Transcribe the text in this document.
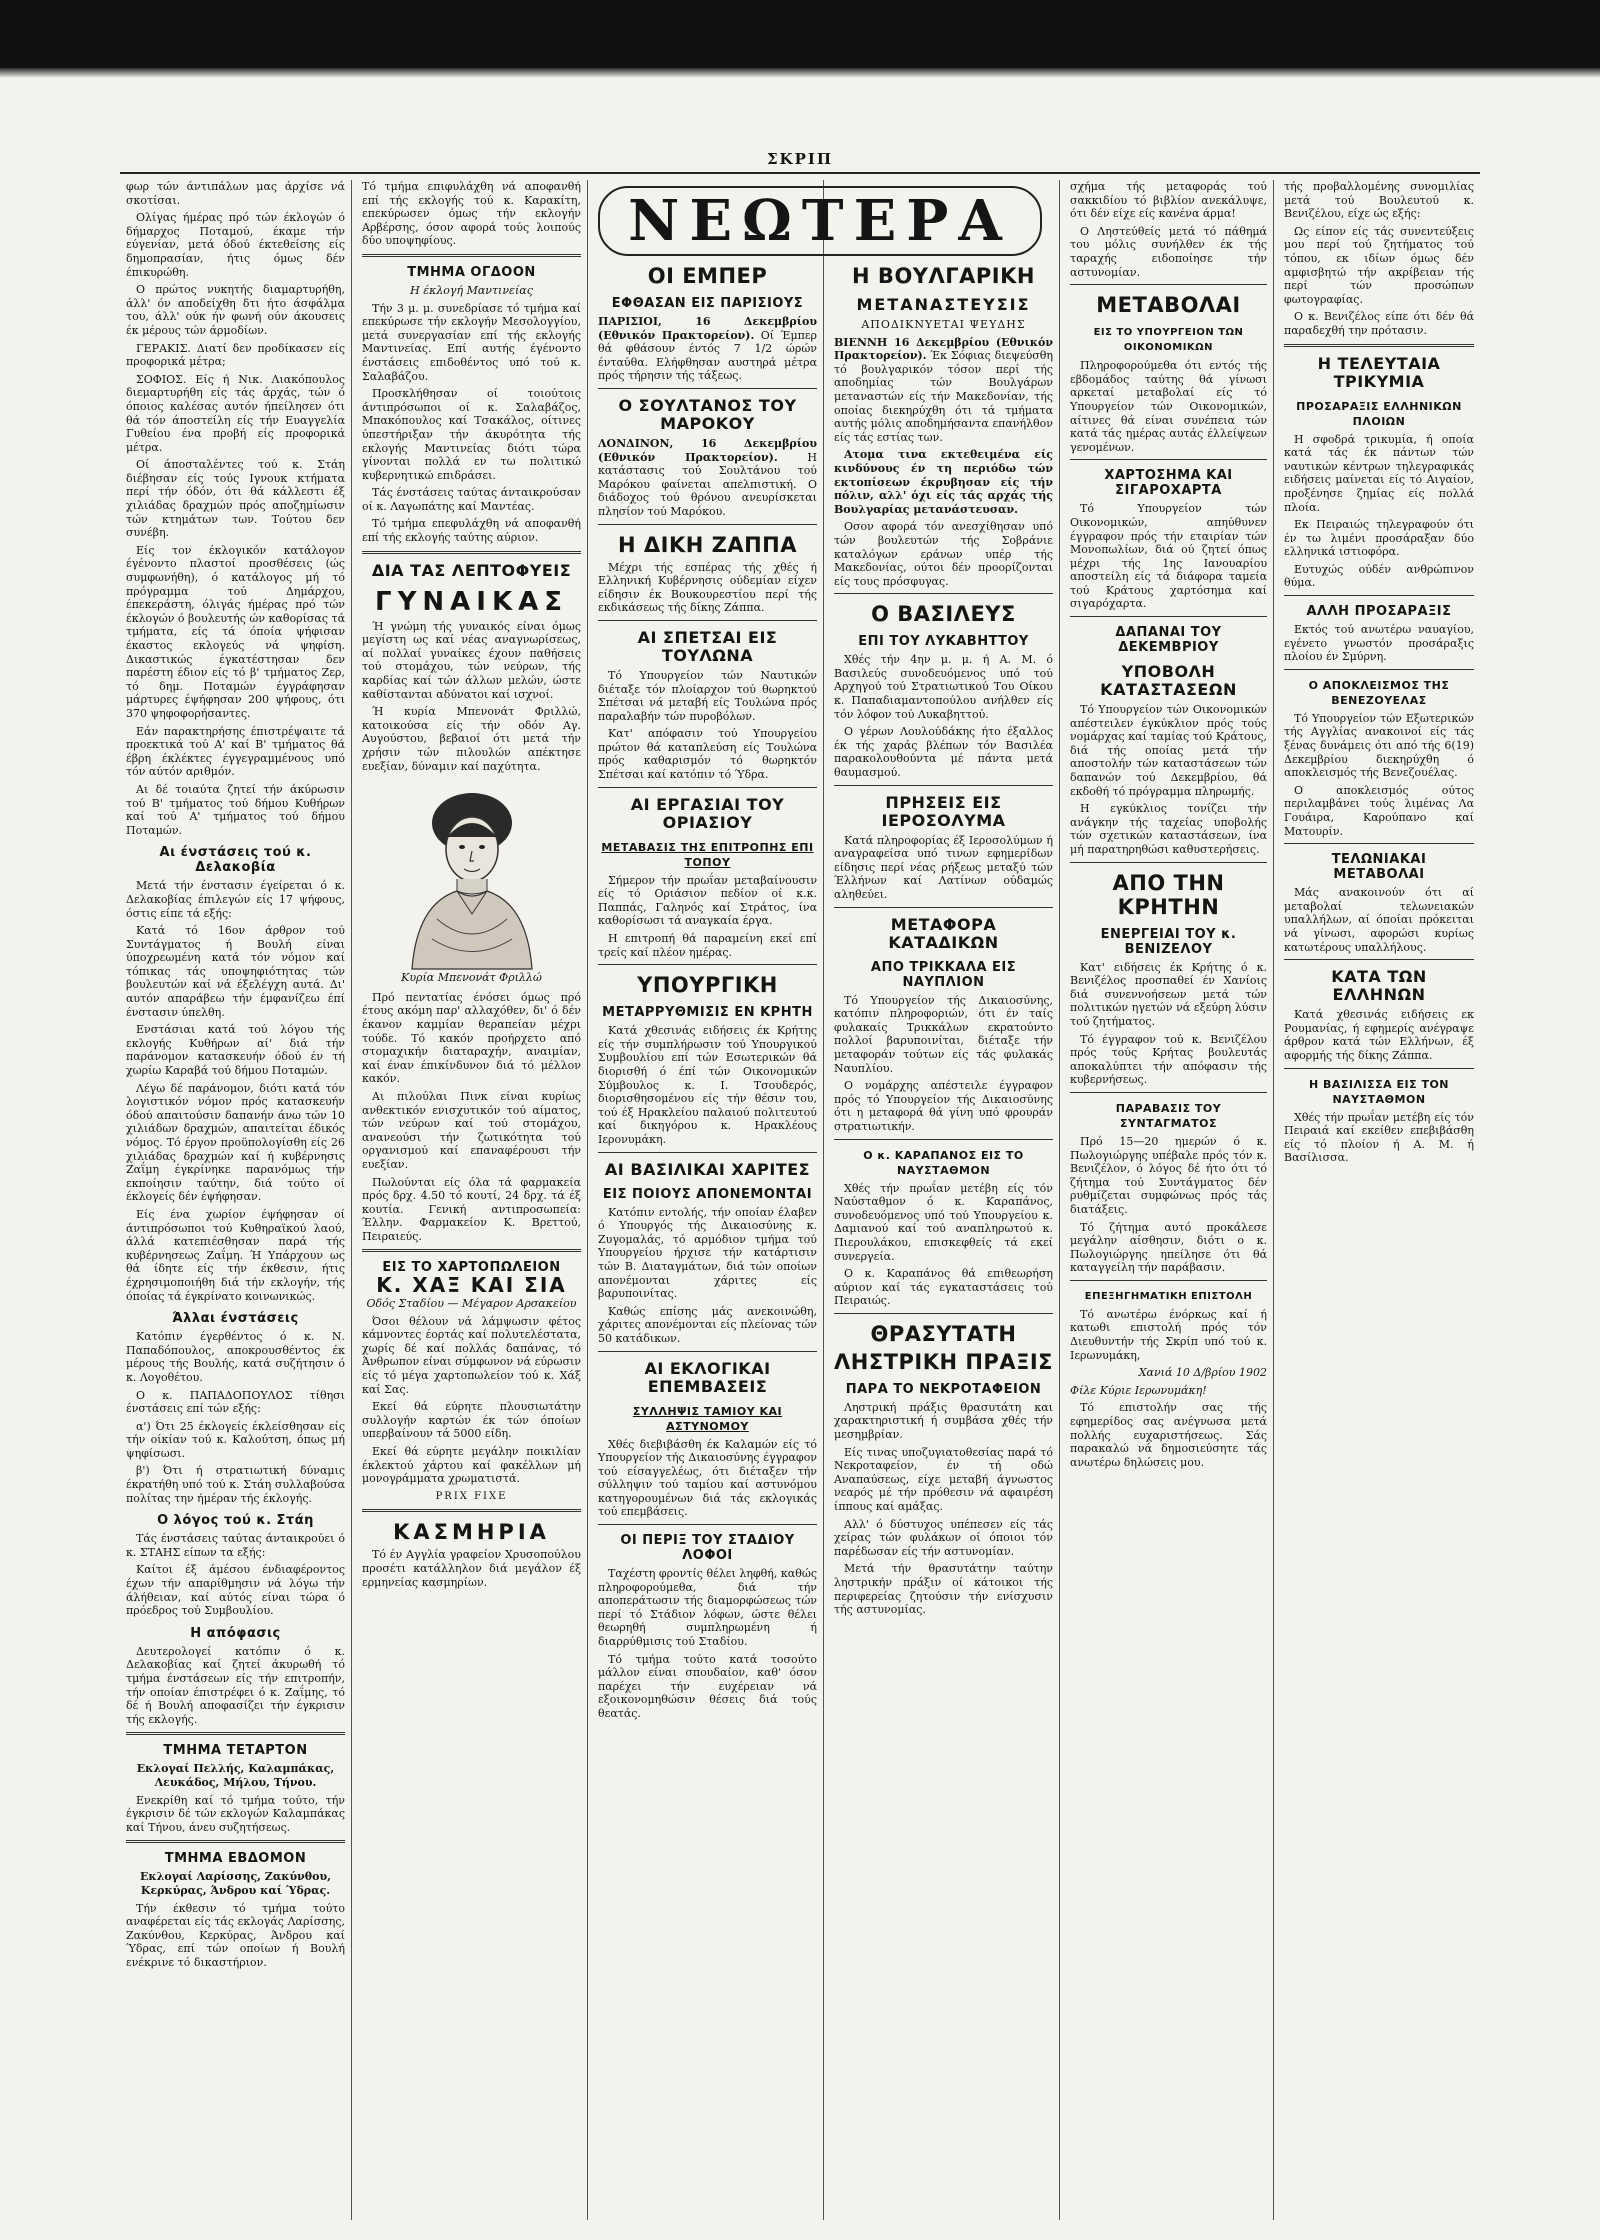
ΣΚΡΙΠ

φωρ τών άντιπάλων μας άρχίσε νά σκοτίσαι.

Ολίγας ήμέρας πρό τών έκλογών ό δήμαρχος Ποταμού, έκαμε τήν εύγενίαν, μετά όδού έκτεθείσης είς δημοπρασίαν, ήτις όμως δέν έπικυρώθη.

Ο πρώτος νυκητής διαμαρτυρήθη, άλλ' όν αποδείχθη δτι ήτο άσφάλμα του, άλλ' ούκ ήν φωνή ούν άκουσεις έκ μέρους τών άρμοδίων.

ΓΕΡΑΚΙΣ. Διατί δεν προδίκασεν είς προφορικά μέτρα;

ΣΟΦΙΟΣ. Είς ή Νικ. Λιακόπουλος διεμαρτυρήθη είς τάς άρχάς, τών ό όποιος καλέσας αυτόν ήπείλησεν ότι θά τόν άποστείλη είς τήν Ευαγγελία Γυθείου ένα προβή είς προφορικά μέτρα.

Οί άποσταλέντες τού κ. Στάη διέβησαν είς τούς Ιγνουκ κτήματα περί τήν όδόν, ότι θά κάλλεστι έξ χιλιάδας δραχμών πρός αποζημίωσιν τών κτημάτων των. Τούτου δεν συνέβη.

Είς τον έκλογικόν κατάλογον έγένοντο πλαστοί προσθέσεις (ώς συμφωνήθη), ό κατάλογος μή τό πρόγραμμα τού Δημάρχου, έπεκεράστη, όλιγάς ήμέρας πρό τών έκλογών ό βουλευτής ών καθορίσας τά τμήματα, είς τά όποία ψήφισαν έκαστος εκλογεύς νά ψηφίση. Δικαστικώς έγκατέστησαν δεν παρέστη έδιον είς τό β' τμήματος Ζερ, τό δημ. Ποταμών έγγράφησαν μάρτυρες έψήφησαν 200 ψήφους, ότι 370 ψηφοφορήσαντες.

Εάν παρακτηρήσης έπιστρέψαιτε τά προεκτικά τού Α' καί Β' τμήματος θά έβρη έκλέκτες έγγεγραμμένους υπό τόν αύτόν αριθμόν.

Αι δέ τοιαύτα ζητεί τήν άκύρωσιν τού Β' τμήματος τού δήμου Κυθήρων καί τού Α' τμήματος τού δήμου Ποταμών.

Αι ένστάσεις τού κ. Δελακοβία

Μετά τήν ένστασιν έγείρεται ό κ. Δελακοβίας έπιλεγών είς 17 ψήφους, όστις είπε τά εξής:

Κατά τό 16ον άρθρον τού Συντάγματος ή Βουλή είναι ύποχρεωμένη κατά τόν νόμον καί τόπικας τάς υποψηφιότητας τών βουλευτών καί νά έξελέγχη αυτά. Δι' αυτόν απαράβεω τήν έμφανίζεω έπί ένστασιν ύπελθη.

Ενστάσιαι κατά τού λόγου τής εκλογής Κυθήρων αί' διά τήν παράνομον κατασκευήν όδού έν τή χωρίω Καραβά τού δήμου Ποταμών.

Λέγω δέ παράνομον, διότι κατά τόν λογιστικόν νόμον πρός κατασκευήν όδού απαιτούσιν δαπανήν άνω τών 10 χιλιάδων δραχμών, απαιτείται έδικός νόμος. Τό έργον προϋπολογίσθη είς 26 χιλιάδας δραχμών καί ή κυβέρνησις Ζαΐμη έγκρίνηκε παρανόμως τήν εκποίησιν ταύτην, διά τούτο οί έκλογείς δέν έψήφησαν.

Είς ένα χωρίον έψήφησαν οί άντιπρόσωποι τού Κυθηραϊκού λαού, άλλά κατεπιέσθησαν παρά τής κυβέρνησεως Ζαΐμη. Ή Υπάρχουν ως θά ίδητε είς τήν έκθεσιν, ήτις έχρησιμοποιήθη διά τήν εκλογήν, τής όποίας τά έγκρίνατο κοινωνικώς.

Άλλαι ένστάσεις

Κατόπιν έγερθέντος ό κ. Ν. Παπαδόπουλος, αποκρουσθέντος έκ μέρους τής Βουλής, κατά συζήτησιν ό κ. Λογοθέτου.

Ο κ. ΠΑΠΑΔΟΠΟΥΛΟΣ τίθησι ένστάσεις επί τών εξής:

α') Ότι 25 έκλογείς έκλείσθησαν είς τήν οίκίαν τού κ. Καλούτση, όπως μή ψηφίσωσι.

β') Ότι ή στρατιωτική δύναμις έκρατήθη υπό τού κ. Στάη συλλαβούσα πολίτας την ήμέραν τής έκλογής.

Ο λόγος τού κ. Στάη

Τάς ένστάσεις ταύτας άνταικρούει ό κ. ΣΤΑΗΣ είπων τα εξής:

Καίτοι έξ άμέσου ένδιαφέροντος έχων τήν απαρίθμησιν νά λόγω τήν άλήθειαν, καί αύτός είναι τώρα ό πρόεδρος τού Συμβουλίου.

Η απόφασις

Δευτερολογεί κατόπιν ό κ. Δελακοβίας καί ζητεί άκυρωθή τό τμήμα ένστάσεων είς τήν επιτροπήν, τήν οποίαν έπιστρέφει ό κ. Ζαΐμης, τό δέ ή Βουλή αποφασίζει τήν έγκρισιν τής εκλογής.

ΤΜΗΜΑ ΤΕΤΑΡΤΟΝ

Εκλογαί Πελλής, Καλαμπάκας, Λευκάδος, Μήλου, Τήνου.

Ενεκρίθη καί τό τμήμα τούτο, τήν έγκρισιν δέ τών εκλογών Καλαμπάκας καί Τήνου, άνευ συζητήσεως.

ΤΜΗΜΑ ΕΒΔΟΜΟΝ

Εκλογαί Λαρίσσης, Ζακύνθου, Κερκύρας, Άνδρου καί Ύδρας.

Τήν έκθεσιν τό τμήμα τούτο αναφέρεται είς τάς εκλογάς Λαρίσσης, Ζακύνθου, Κερκύρας, Άνδρου καί Ύδρας, επί τών οποίων ή Βουλή ενέκρινε τό δικαστήριον.

Τό τμήμα επιφυλάχθη νά αποφανθή επί τής εκλογής τού κ. Καρακίτη, επεκύρωσεν όμως τήν εκλογήν Αρβέρσης, όσον αφορά τούς λοιπούς δύο υποψηφίους.

ΤΜΗΜΑ ΟΓΔΟΟΝ
Η έκλογή Μαντινείας

Τήν 3 μ. μ. συνεδρίασε τό τμήμα καί επεκύρωσε τήν εκλογήν Μεσολογγίου, μετά συνεργασίαν επί τής εκλογής Μαντινείας. Επί αυτής έγένοντο ένστάσεις επιδοθέντος υπό τού κ. Σαλαβάζου.

Προσκλήθησαν οί τοιούτοις άντιπρόσωποι οί κ. Σαλαβάζος, Μπακόπουλος καί Τσακάλος, οίτινες ύπεστήριξαν τήν άκυρότητα τής εκλογής Μαντινείας διότι τώρα γίνονται πολλά εν τω πολιτικώ κυβερνητικώ επιδράσει.

Τάς ένστάσεις ταύτας άνταικρούσαν οί κ. Λαγωπάτης καί Μαντέας.

Τό τμήμα επεφυλάχθη νά αποφανθή επί τής εκλογής ταύτης αύριον.

ΔΙΑ ΤΑΣ ΛΕΠΤΟΦΥΕΙΣ
ΓΥΝΑΙΚΑΣ

Ή γνώμη τής γυναικός είναι όμως μεγίστη ως καί νέας αναγνωρίσεως, αί πολλαί γυναίκες έχουν παθήσεις τού στομάχου, τών νεύρων, τής καρδίας καί τών άλλων μελών, ώστε καθίστανται αδύνατοι καί ισχνοί.

Ή κυρία Μπενονάτ Φριλλώ, κατοικούσα είς τήν οδόν Αγ. Αυγούστου, βεβαιοί ότι μετά τήν χρήσιν τών πιλουλών απέκτησε ευεξίαν, δύναμιν καί παχύτητα.

Κυρία Μπενονάτ Φριλλώ

Πρό πεντατίας ένόσει όμως πρό έτους ακόμη παρ' αλλαχόθεν, δι' ό δέν έκανον καμμίαν θεραπείαν μέχρι τούδε. Τό κακόν προήρχετο από στομαχικήν διαταραχήν, αναιμίαν, καί έναν έπικίνδυνον διά τό μέλλον κακόν.

Αι πιλούλαι Πινκ είναι κυρίως ανθεκτικόν ενισχυτικόν τού αίματος, τών νεύρων καί τού στομάχου, ανανεούσι τήν ζωτικότητα τού οργανισμού καί επαναφέρουσι τήν ευεξίαν.

Πωλούνται είς όλα τά φαρμακεία πρός δρχ. 4.50 τό κουτί, 24 δρχ. τά έξ κουτία. Γενική αντιπροσωπεία: Έλλην. Φαρμακείον Κ. Βρεττού, Πειραιεύς.

ΕΙΣ ΤΟ ΧΑΡΤΟΠΩΛΕΙΟΝ
Κ. ΧΑΞ ΚΑΙ ΣΙΑ
Οδός Σταδίου — Μέγαρον Αρσακείου

Όσοι θέλουν νά λάμψωσιν φέτος κάμνοντες έορτάς καί πολυτελέστατα, χωρίς δέ καί πολλάς δαπάνας, τό Άνθρωπον είναι σύμφωνον νά εύρωσιν είς τό μέγα χαρτοπωλείον τού κ. Χάξ καί Σας.

Εκεί θά εύρητε πλουσιωτάτην συλλογήν καρτών έκ τών όποίων υπερβαίνουν τά 5000 είδη.

Εκεί θά εύρητε μεγάλην ποικιλίαν έκλεκτού χάρτου καί φακέλλων μή μονογράμματα χρωματιστά.

PRIX FIXE
ΚΑΣΜΗΡΙΑ

Τό έν Αγγλία γραφείον Χρυσοπούλου προσέτι κατάλληλον διά μεγάλον έξ ερμηνείας κασμηρίων.

ΝΕΩΤΕΡΑ
ΟΙ ΕΜΠΕΡ
ΕΦΘΑΣΑΝ ΕΙΣ ΠΑΡΙΣΙΟΥΣ

ΠΑΡΙΣΙΟΙ, 16 Δεκεμβρίου (Εθνικόν Πρακτορείον). Οί Έμπερ θά φθάσουν έντός 7 1/2 ώρών ένταύθα. Ελήφθησαν αυστηρά μέτρα πρός τήρησιν τής τάξεως.

Ο ΣΟΥΛΤΑΝΟΣ ΤΟΥ ΜΑΡΟΚΟΥ

ΛΟΝΔΙΝΟΝ, 16 Δεκεμβρίου (Εθνικόν Πρακτορείον).	Η κατάστασις τού Σουλτάνου τού Μαρόκου φαίνεται απελπιστική. Ο διάδοχος τού θρόνου ανευρίσκεται πλησίον τού Μαρόκου.

Η ΔΙΚΗ ΖΑΠΠΑ

Μέχρι τής εσπέρας τής χθές ή Ελληνική Κυβέρνησις ούδεμίαν είχεν είδησιν έκ Βουκουρεστίου περί τής εκδικάσεως τής δίκης Ζάππα.

ΑΙ ΣΠΕΤΣΑΙ ΕΙΣ ΤΟΥΛΩΝΑ

Τό Υπουργείον τών Ναυτικών διέταξε τόν πλοίαρχον τού θωρηκτού Σπέτσαι νά μεταβή είς Τουλώνα πρός παραλαβήν τών πυροβόλων.

Κατ' απόφασιν τού Υπουργείου πρώτον θά καταπλεύση είς Τουλώνα πρός καθαρισμόν τό θωρηκτόν Σπέτσαι καί κατόπιν τό Ύδρα.

ΑΙ ΕΡΓΑΣΙΑΙ ΤΟΥ ΟΡΙΑΣΙΟΥ
ΜΕΤΑΒΑΣΙΣ ΤΗΣ ΕΠΙΤΡΟΠΗΣ ΕΠΙ ΤΟΠΟΥ

Σήμερον τήν πρωΐαν μεταβαίνουσιν είς τό Οριάσιον πεδίον οί κ.κ. Παππάς, Γαληνός καί Στράτος, ίνα καθορίσωσι τά αναγκαία έργα.

Η επιτροπή θά παραμείνη εκεί επί τρείς καί πλέον ημέρας.

ΥΠΟΥΡΓΙΚΗ
ΜΕΤΑΡΡΥΘΜΙΣΙΣ ΕΝ ΚΡΗΤΗ

Κατά χθεσινάς ειδήσεις έκ Κρήτης είς τήν συμπλήρωσιν τού Υπουργικού Συμβουλίου επί τών Εσωτερικών θά διορισθή ό έπί τών Οικονομικών Σύμβουλος κ. Ι. Τσουδερός, διορισθησομένου είς τήν θέσιν του, τού έξ Ηρακλείου παλαιού πολιτευτού καί δικηγόρου κ. Ηρακλέους Ιερονυμάκη.

ΑΙ ΒΑΣΙΛΙΚΑΙ ΧΑΡΙΤΕΣ
ΕΙΣ ΠΟΙΟΥΣ ΑΠΟΝΕΜΟΝΤΑΙ

Κατόπιν εντολής, τήν οποίαν έλαβεν ό Υπουργός τής Δικαιοσύνης κ. Ζυγομαλάς, τό αρμόδιον τμήμα τού Υπουργείου ήρχισε τήν κατάρτισιν τών Β. Διαταγμάτων, διά τών οποίων απονέμονται χάριτες είς βαρυποινίτας.

Καθώς επίσης μάς ανεκοινώθη, χάριτες απονέμονται είς πλείονας τών 50 κατάδικων.

ΑΙ ΕΚΛΟΓΙΚΑΙ ΕΠΕΜΒΑΣΕΙΣ
ΣΥΛΛΗΨΙΣ ΤΑΜΙΟΥ ΚΑΙ ΑΣΤΥΝΟΜΟΥ

Χθές διεβιβάσθη έκ Καλαμών είς τό Υπουργείον τής Δικαιοσύνης έγγραφον τού είσαγγελέως, ότι διέταξεν τήν σύλληψιν τού ταμίου καί αστυνόμου κατηγορουμένων διά τάς εκλογικάς τού επεμβάσεις.

ΟΙ ΠΕΡΙΞ ΤΟΥ ΣΤΑΔΙΟΥ ΛΟΦΟΙ

Ταχέστη φροντίς θέλει ληφθή, καθώς πληροφορούμεθα, διά τήν αποπεράτωσιν τής διαμορφώσεως τών περί τό Στάδιον λόφων, ώστε θέλει θεωρηθή συμπληρωμένη ή διαρρύθμισις τού Σταδίου.

Τό τμήμα τούτο κατά τοσούτο μάλλον είναι σπουδαίον, καθ' όσον παρέχει τήν ευχέρειαν νά εξοικονομηθώσιν θέσεις διά τούς θεατάς.

Η ΒΟΥΛΓΑΡΙΚΗ
ΜΕΤΑΝΑΣΤΕΥΣΙΣ
ΑΠΟΔΙΚΝΥΕΤΑΙ ΨΕΥΔΗΣ

ΒΙΕΝΝΗ 16 Δεκεμβρίου (Εθνικόν Πρακτορείον). Έκ Σόφιας διεψεύσθη τό βουλγαρικόν τόσον περί τής αποδημίας τών Βουλγάρων μεταναστών είς τήν Μακεδονίαν, τής οποίας διεκηρύχθη ότι τά τμήματα αυτής μόλις αποδημήσαντα επανήλθον είς τάς εστίας των.

Ατομα τινα εκτεθειμένα είς κινδύνους έν τη περιόδω τών εκτοπίσεων έκρυβησαν είς τήν πόλιν, αλλ' όχι είς τάς αρχάς τής Βουλγαρίας μετανάστευσαν.

Οσον αφορά τόν ανεσχίθησαν υπό τών βουλευτών τής Σοβράνιε καταλόγων εράνων υπέρ τής Μακεδονίας, ούτοι δέν προορίζονται είς τους πρόσφυγας.

Ο ΒΑΣΙΛΕΥΣ
ΕΠΙ ΤΟΥ ΛΥΚΑΒΗΤΤΟΥ

Χθές τήν 4ην μ. μ. ή Α. Μ. ό Βασιλεύς συνοδευόμενος υπό τού Αρχηγού τού Στρατιωτικού Του Οίκου κ. Παπαδιαμαντοπούλου ανήλθεν είς τόν λόφον τού Λυκαβηττού.

Ο γέρων Λουλούδάκης ήτο έξαλλος έκ τής χαράς βλέπων τόν Βασιλέα παρακολουθούντα μέ πάντα μετά θαυμασμού.

ΠΡΗΣΕΙΣ ΕΙΣ ΙΕΡΟΣΟΛΥΜΑ

Κατά πληροφορίας έξ Ιεροσολύμων ή αναγραφείσα υπό τινων εφημερίδων είδησις περί νέας ρήξεως μεταξύ τών Έλλήνων καί Λατίνων ούδαμώς αληθεύει.

ΜΕΤΑΦΟΡΑ ΚΑΤΑΔΙΚΩΝ
ΑΠΟ ΤΡΙΚΚΑΛΑ ΕΙΣ ΝΑΥΠΛΙΟΝ

Τό Υπουργείον τής Δικαιοσύνης, κατόπιν πληροφοριών, ότι έν ταίς φυλακαίς Τρικκάλων εκρατούντο πολλοί βαρυποινίται, διέταξε τήν μεταφοράν τούτων είς τάς φυλακάς Ναυπλίου.

Ο νομάρχης απέστειλε έγγραφον πρός τό Υπουργείον τής Δικαιοσύνης ότι η μεταφορά θά γίνη υπό φρουράν στρατιωτικήν.

Ο κ. ΚΑΡΑΠΑΝΟΣ ΕΙΣ ΤΟ ΝΑΥΣΤΑΘΜΟΝ

Χθές τήν πρωΐαν μετέβη είς τόν Ναύσταθμον ό κ. Καραπάνος, συνοδευόμενος υπό τού Υπουργείου κ. Δαμιανού καί τού αναπληρωτού κ. Πιερουλάκου, επισκεφθείς τά εκεί συνεργεία.

Ο κ. Καραπάνος θά επιθεωρήση αύριον καί τάς εγκαταστάσεις τού Πειραιώς.

ΘΡΑΣΥΤΑΤΗ
ΛΗΣΤΡΙΚΗ ΠΡΑΞΙΣ
ΠΑΡΑ ΤΟ ΝΕΚΡΟΤΑΦΕΙΟΝ

Ληστρική πράξις θρασυτάτη και χαρακτηριστική ή συμβάσα χθές τήν μεσημβρίαν.

Είς τινας υποζυγιατοθεσίας παρά τό Νεκροταφείον, έν τή οδώ Αναπαύσεως, είχε μεταβή άγνωστος νεαρός μέ τήν πρόθεσιν νά αφαιρέση ίππους καί αμάξας.

Αλλ' ό δύστυχος υπέπεσεν είς τάς χείρας τών φυλάκων οί όποιοι τόν παρέδωσαν είς τήν αστυνομίαν.

Μετά τήν θρασυτάτην ταύτην ληστρικήν πράξιν οί κάτοικοι τής περιφερείας ζητούσιν τήν ενίσχυσιν τής αστυνομίας.

σχήμα τής μεταφοράς τού σακκιδίου τό βιβλίον ανεκάλυψε, ότι δέν είχε είς κανένα άρμα!

Ο Ληστεύθείς μετά τό πάθημά του μόλις συνήλθεν έκ τής ταραχής ειδοποίησε τήν αστυνομίαν.

ΜΕΤΑΒΟΛΑΙ
ΕΙΣ ΤΟ ΥΠΟΥΡΓΕΙΟΝ ΤΩΝ ΟΙΚΟΝΟΜΙΚΩΝ

Πληροφορούμεθα ότι εντός τής εβδομάδος ταύτης θά γίνωσι αρκεταί μεταβολαί είς τό Υπουργείον τών Οικονομικών, αίτινες θά είναι συνέπεια τών κατά τάς ημέρας αυτάς έλλείψεων γενομένων.

ΧΑΡΤΟΣΗΜΑ ΚΑΙ ΣΙΓΑΡΟΧΑΡΤΑ

Τό Υπουργείον τών Οικονομικών, απηύθυνεν έγγραφον πρός τήν εταιρίαν τών Μονοπωλίων, διά ού ζητεί όπως μέχρι τής 1ης Ιανουαρίου αποστείλη είς τά διάφορα ταμεία τού Κράτους χαρτόσημα καί σιγαρόχαρτα.

ΔΑΠΑΝΑΙ ΤΟΥ ΔΕΚΕΜΒΡΙΟΥ
ΥΠΟΒΟΛΗ ΚΑΤΑΣΤΑΣΕΩΝ

Τό Υπουργείον τών Οικονομικών απέστειλεν έγκύκλιον πρός τούς νομάρχας καί ταμίας τού Κράτους, διά τής οποίας μετά τήν αποστολήν τών καταστάσεων τών δαπανών τού Δεκεμβρίου, θά εκδοθή τό πρόγραμμα πληρωμής.

Η εγκύκλιος τονίζει τήν ανάγκην τής ταχείας υποβολής τών σχετικών καταστάσεων, ίνα μή παρατηρηθώσι καθυστερήσεις.

ΑΠΟ ΤΗΝ ΚΡΗΤΗΝ
ΕΝΕΡΓΕΙΑΙ ΤΟΥ κ. ΒΕΝΙΖΕΛΟΥ

Κατ' ειδήσεις έκ Κρήτης ό κ. Βενιζέλος προσπαθεί έν Χανίοις διά συνεννοήσεων μετά τών πολιτικών ηγετών νά εξεύρη λύσιν τού ζητήματος.

Τό έγγραφον τού κ. Βενιζέλου πρός τούς Κρήτας βουλευτάς αποκαλύπτει τήν απόφασιν τής κυβερνήσεως.

ΠΑΡΑΒΑΣΙΣ ΤΟΥ ΣΥΝΤΑΓΜΑΤΟΣ

Πρό 15—20 ημερών ό κ. Πωλογιώργης υπέβαλε πρός τόν κ. Βενιζέλον, ό λόγος δέ ήτο ότι τό ζήτημα τού Συντάγματος δέν ρυθμίζεται συμφώνως πρός τάς διατάξεις.

Τό ζήτημα αυτό προκάλεσε μεγάλην αίσθησιν, διότι ο κ. Πωλογιώργης ηπείλησε ότι θά καταγγείλη τήν παράβασιν.

ΕΠΕΞΗΓΗΜΑΤΙΚΗ ΕΠΙΣΤΟΛΗ

Τό ανωτέρω ένόρκως καί ή κατωθι επιστολή πρός τόν Διευθυντήν τής Σκρίπ υπό τού κ. Ιερωνυμάκη,

Χανιά 10 Δ/βρίου 1902

Φίλε Κύριε Ιερωνυμάκη!

Τό επιστολήν σας τής εφημερίδος σας ανέγνωσα μετά πολλής ευχαριστήσεως. Σάς παρακαλώ νά δημοσιεύσητε τάς ανωτέρω δηλώσεις μου.

τής προβαλλομένης συνομιλίας μετά τού Βουλευτού κ. Βενιζέλου, είχε ώς εξής:

Ως είπον είς τάς συνεντεύξεις μου περί τού ζητήματος τού τόπου, εκ ιδίων όμως δέν αμφισβητώ τήν ακρίβειαν τής περί τών προσώπων φωτογραφίας.

Ο κ. Βενιζέλος είπε ότι δέν θά παραδεχθή την πρότασιν.

Η ΤΕΛΕΥΤΑΙΑ ΤΡΙΚΥΜΙΑ
ΠΡΟΣΑΡΑΞΙΣ ΕΛΛΗΝΙΚΩΝ ΠΛΟΙΩΝ

Η σφοδρά τρικυμία, ή οποία κατά τάς έκ πάντων τών ναυτικών κέντρων τηλεγραφικάς ειδήσεις μαίνεται είς τό Αιγαίον, προξένησε ζημίας είς πολλά πλοία.

Εκ Πειραιώς τηλεγραφούν ότι έν τω λιμένι προσάραξαν δύο ελληνικά ιστιοφόρα.

Ευτυχώς ούδέν ανθρώπινον θύμα.

ΑΛΛΗ ΠΡΟΣΑΡΑΞΙΣ

Εκτός τού ανωτέρω ναυαγίου, εγένετο γνωστόν προσάραξις πλοίου έν Σμύρνη.

Ο ΑΠΟΚΛΕΙΣΜΟΣ ΤΗΣ ΒΕΝΕΖΟΥΕΛΑΣ

Τό Υπουργείον τών Εξωτερικών τής Αγγλίας ανακοινοί είς τάς ξένας δυνάμεις ότι από τής 6(19) Δεκεμβρίου διεκηρύχθη ό αποκλεισμός τής Βενεζουέλας.

Ο αποκλεισμός ούτος περιλαμβάνει τούς λιμένας Λα Γουάιρα, Καρούπανο καί Ματουρίν.

ΤΕΛΩΝΙΑΚΑΙ ΜΕΤΑΒΟΛΑΙ

Μάς ανακοινούν ότι αί μεταβολαί τελωνειακών υπαλλήλων, αί όποίαι πρόκειται νά γίνωσι, αφορώσι κυρίως κατωτέρους υπαλλήλους.

ΚΑΤΑ ΤΩΝ ΕΛΛΗΝΩΝ

Κατά χθεσινάς ειδήσεις εκ Ρουμανίας, ή εφημερίς ανέγραψε άρθρον κατά τών Ελλήνων, έξ αφορμής τής δίκης Ζάππα.

Η ΒΑΣΙΛΙΣΣΑ ΕΙΣ ΤΟΝ ΝΑΥΣΤΑΘΜΟΝ

Χθές τήν πρωΐαν μετέβη είς τόν Πειραιά καί εκείθεν επεβιβάσθη είς τό πλοίον ή Α. Μ. ή Βασίλισσα.
